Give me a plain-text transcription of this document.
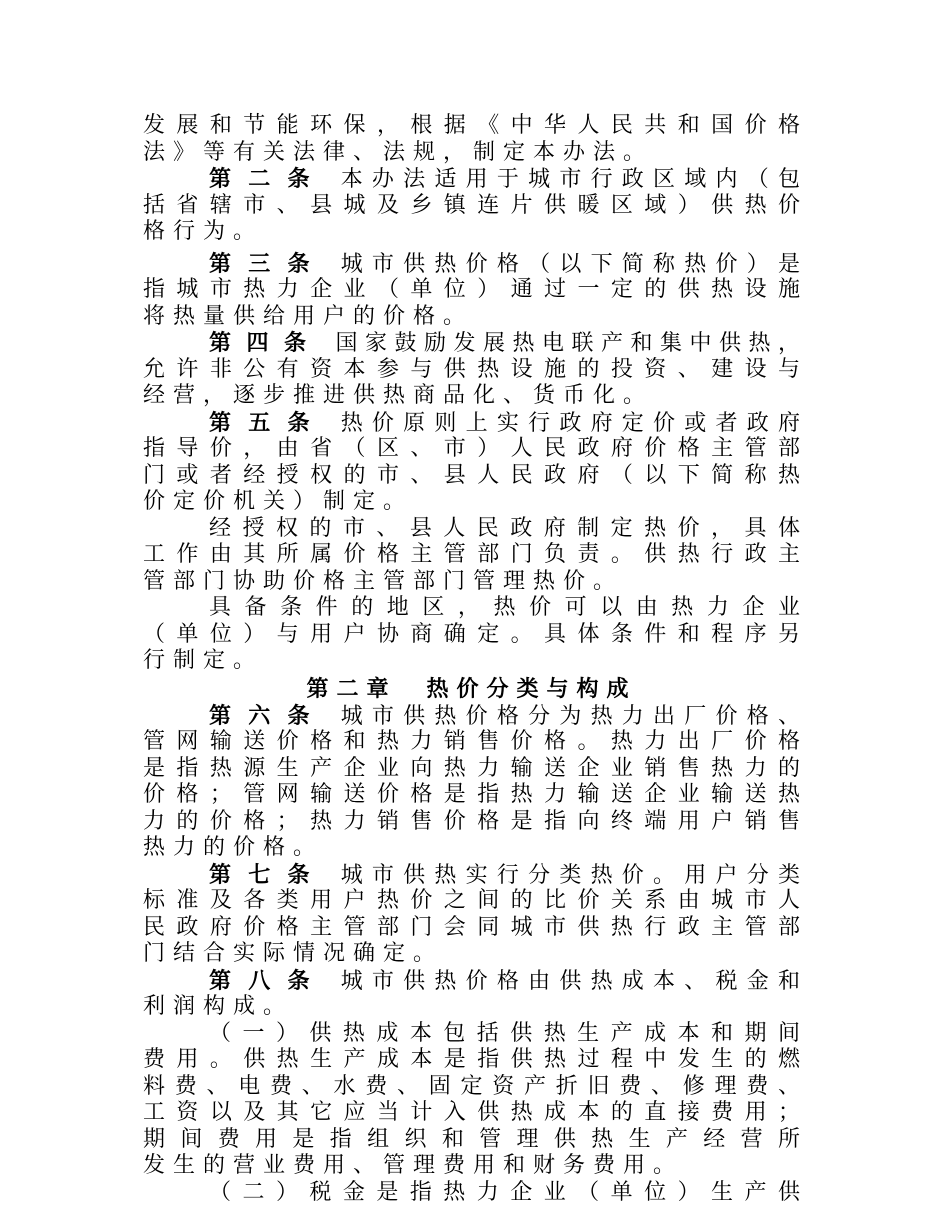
发展和节能环保，根据《中华人民共和国价格
法》等有关法律、法规，制定本办法。
第二条 本办法适用于城市行政区域内（包
括省辖市、县城及乡镇连片供暖区域）供热价
格行为。
第三条 城市供热价格（以下简称热价）是
指城市热力企业（单位）通过一定的供热设施
将热量供给用户的价格。
第四条 国家鼓励发展热电联产和集中供热，
允许非公有资本参与供热设施的投资、建设与
经营，逐步推进供热商品化、货币化。
第五条 热价原则上实行政府定价或者政府
指导价，由省（区、市）人民政府价格主管部
门或者经授权的市、县人民政府（以下简称热
价定价机关）制定。
经授权的市、县人民政府制定热价，具体
工作由其所属价格主管部门负责。供热行政主
管部门协助价格主管部门管理热价。
具备条件的地区，热价可以由热力企业
（单位）与用户协商确定。具体条件和程序另
行制定。
第二章　热价分类与构成
第六条 城市供热价格分为热力出厂价格、
管网输送价格和热力销售价格。热力出厂价格
是指热源生产企业向热力输送企业销售热力的
价格；管网输送价格是指热力输送企业输送热
力的价格；热力销售价格是指向终端用户销售
热力的价格。
第七条 城市供热实行分类热价。用户分类
标准及各类用户热价之间的比价关系由城市人
民政府价格主管部门会同城市供热行政主管部
门结合实际情况确定。
第八条 城市供热价格由供热成本、税金和
利润构成。
（一）供热成本包括供热生产成本和期间
费用。供热生产成本是指供热过程中发生的燃
料费、电费、水费、固定资产折旧费、修理费、
工资以及其它应当计入供热成本的直接费用；
期间费用是指组织和管理供热生产经营所
发生的营业费用、管理费用和财务费用。
（二）税金是指热力企业（单位）生产供
